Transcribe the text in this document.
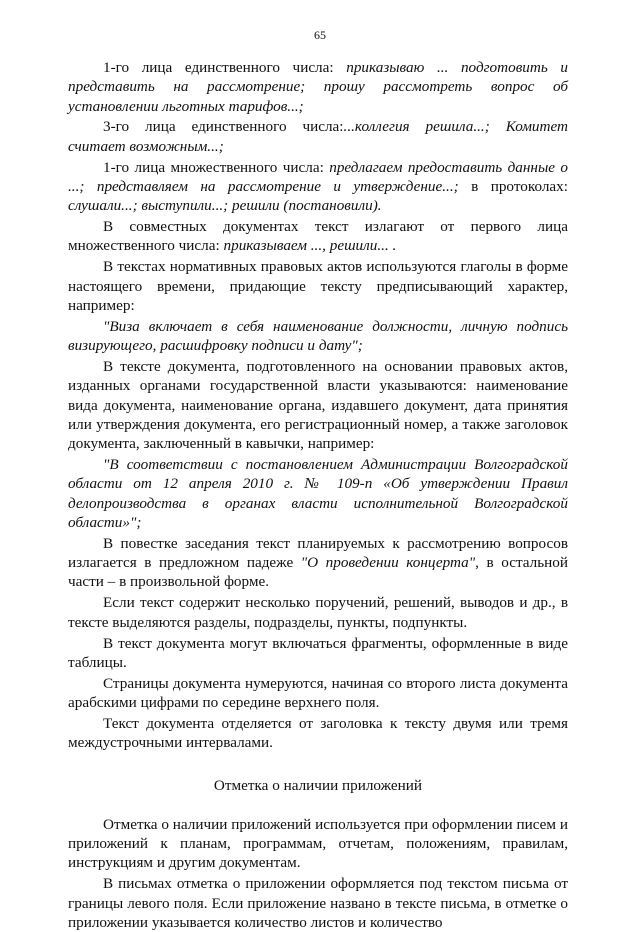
65

1-го лица единственного числа: приказываю ... подготовить и представить на рассмотрение; прошу рассмотреть вопрос об установлении льготных тарифов...;

3-го лица единственного числа:...коллегия решила...; Комитет считает возможным...;

1-го лица множественного числа: предлагаем предоставить данные о ...; представляем на рассмотрение и утверждение...; в протоколах: слушали...; выступили...; решили (постановили).

В совместных документах текст излагают от первого лица множественного числа: приказываем ..., решили... .

В текстах нормативных правовых актов используются глаголы в форме настоящего времени, придающие тексту предписывающий характер, например:

"Виза включает в себя наименование должности, личную подпись визирующего, расшифровку подписи и дату";

В тексте документа, подготовленного на основании правовых актов, изданных органами государственной власти указываются: наименование вида документа, наименование органа, издавшего документ, дата принятия или утверждения документа, его регистрационный номер, а также заголовок документа, заключенный в кавычки, например:

"В соответствии с постановлением Администрации Волгоградской области от 12 апреля 2010 г. № 109-п «Об утверждении Правил делопроизводства в органах власти исполнительной Волгоградской области»";

В повестке заседания текст планируемых к рассмотрению вопросов излагается в предложном падеже "О проведении концерта", в остальной части – в произвольной форме.

Если текст содержит несколько поручений, решений, выводов и др., в тексте выделяются разделы, подразделы, пункты, подпункты.

В текст документа могут включаться фрагменты, оформленные в виде таблицы.

Страницы документа нумеруются, начиная со второго листа документа арабскими цифрами по середине верхнего поля.

Текст документа отделяется от заголовка к тексту двумя или тремя междустрочными интервалами.

Отметка о наличии приложений

Отметка о наличии приложений используется при оформлении писем и приложений к планам, программам, отчетам, положениям, правилам, инструкциям и другим документам.

В письмах отметка о приложении оформляется под текстом письма от границы левого поля. Если приложение названо в тексте письма, в отметке о приложении указывается количество листов и количество
